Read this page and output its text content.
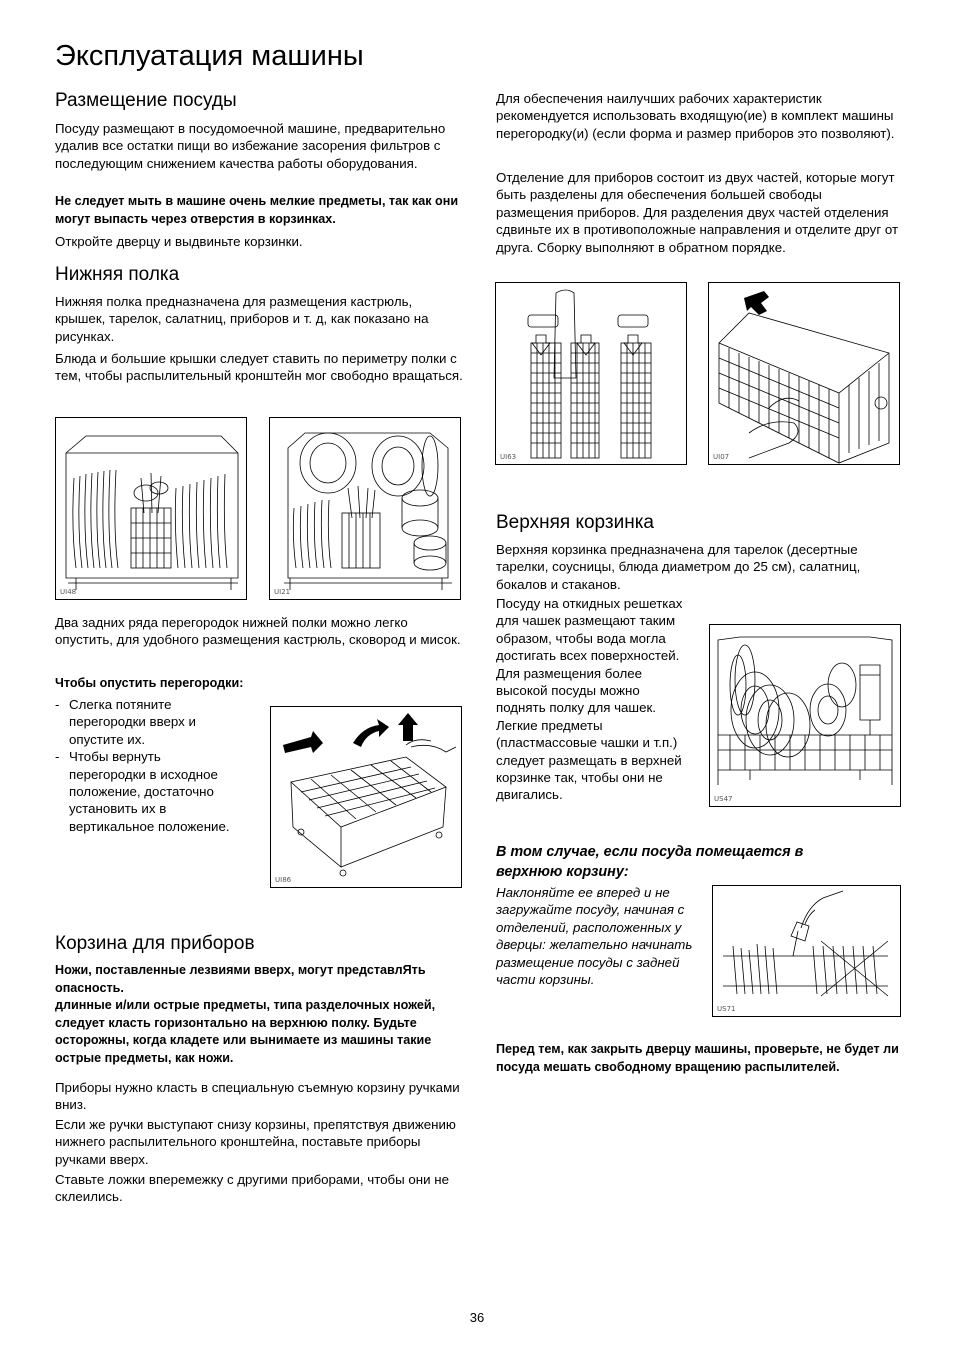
Эксплуатация машины
Размещение посуды

Посуду размещают в посудомоечной машине, предварительно удалив все остатки пищи во избежание засорения фильтров с последующим снижением качества работы оборудования.

Не следует мыть в машине очень мелкие предметы, так как они могут выпасть через отверстия в корзинках.

Откройте дверцу и выдвиньте корзинки.

Нижняя полка

Нижняя полка предназначена для размещения кастрюль, крышек, тарелок, салатниц, приборов и т. д, как показано на рисунках.

Блюда и большие крышки следует ставить по периметру полки с тем, чтобы распылительный кронштейн мог свободно вращаться.

UI48	UI21

Два задних ряда перегородок нижней полки можно легко опустить, для удобного размещения кастрюль, сковород и мисок.

Чтобы опустить перегородки:

- Слегка потяните перегородки вверх и опустите их.
- Чтобы вернуть перегородки в исходное положение, достаточно установить их в вертикальное положение.
UI86
Корзина для приборов

Ножи, поставленные лезвиями вверх, могут представлЯть опасность.

длинные и/или острые предметы, типа разделочных ножей, следует класть горизонтально на верхнюю полку. Будьте осторожны, когда кладете или вынимаете из машины такие острые предметы, как ножи.

Приборы нужно класть в специальную съемную корзину ручками вниз.

Если же ручки выступают снизу корзины, препятствуя движению нижнего распылительного кронштейна, поставьте приборы ручками вверх.

Ставьте ложки вперемежку с другими приборами, чтобы они не склеились.

Для обеспечения наилучших рабочих характеристик рекомендуется использовать входящую(ие) в комплект машины перегородку(и) (если форма и размер приборов это позволяют).

Отделение для приборов состоит из двух частей, которые могут быть разделены для обеспечения большей свободы размещения приборов. Для разделения двух частей отделения сдвиньте их в противоположные направления и отделите друг от друга. Сборку выполняют в обратном порядке.

UI63	UI07
Верхняя корзинка

Верхняя корзинка предназначена для тарелок (десертные тарелки, соусницы, блюда диаметром до 25 см), салатниц, бокалов и стаканов.

Посуду на откидных решетках для чашек размещают таким образом, чтобы вода могла достигать всех поверхностей. Для размещения более высокой посуды можно поднять полку для чашек. Легкие предметы (пластмассовые чашки и т.п.) следует размещать в верхней корзинке так, чтобы они не двигались.	US47

В том случае, если посуда помещается в верхнюю корзину:

Наклоняйте ее вперед и не загружайте посуду, начиная с отделений, расположенных у дверцы: желательно начинать размещение посуды с задней части корзины.

US71

Перед тем, как закрыть дверцу машины, проверьте, не будет ли посуда мешать свободному вращению распылителей.

36
